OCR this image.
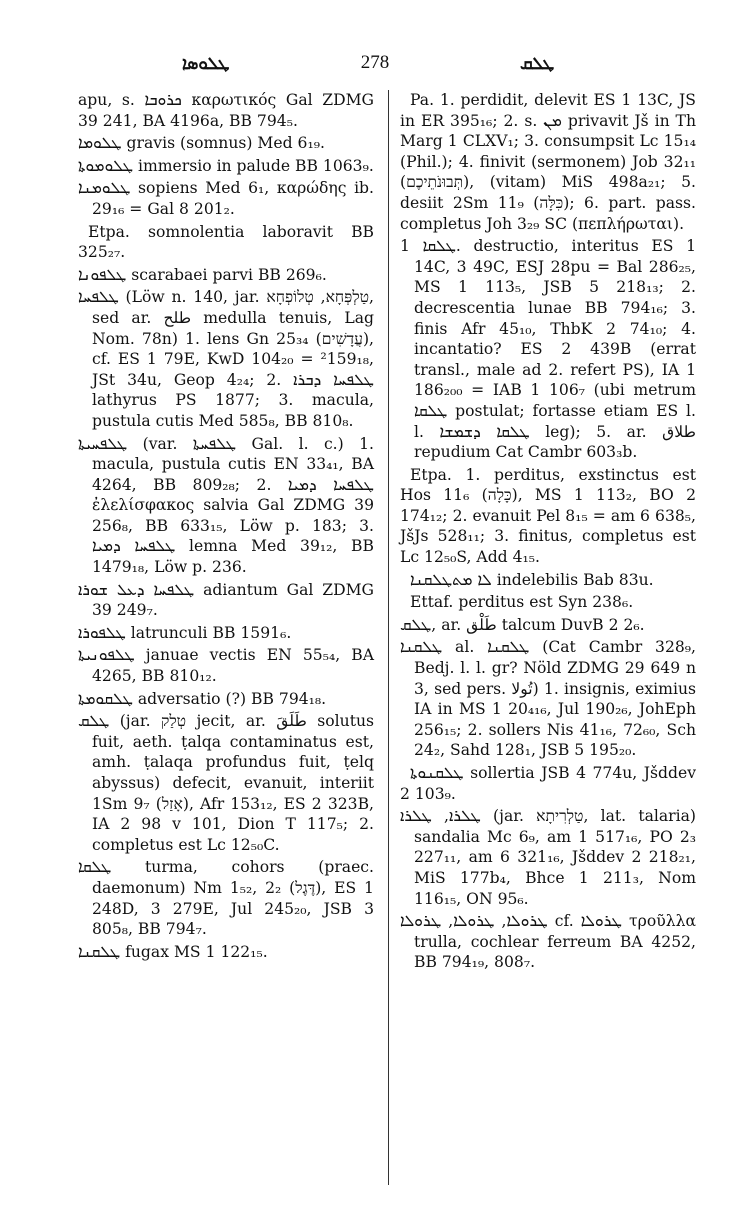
ܛܠܘܣܐ	278	ܛܠܩ
apu, s. ܟܪܘܒܐ καρωτικός Gal ZDMG 39 241, BA 4196a, BB 794₅.
ܛܠܘܡܐ gravis (somnus) Med 6₁₉.
ܛܠܘܡܘܬܐ immersio in palude BB 1063₉.
ܛܠܘܡܢܐ sopiens Med 6₁, καρώδης ib. 29₁₆ = Gal 8 201₂.
Etpa. somnolentia laboravit BB 325₂₇.
ܛܠܦܘܢܐ scarabaei parvi BB 269₆.
ܛܠܦܚܐ (Löw n. 140, jar. טַלְפְּחָא, טְלוֹפְחָא, sed ar. طلح medulla tenuis, Lag Nom. 78n) 1. lens Gn 25₃₄ (עֲדָשִׁים), cf. ES 1 79E, KwD 104₂₀ = ²159₁₈, JSt 34u, Geop 4₂₄; 2. ܛܠܦܚܐ ܕܒܪܐ lathyrus PS 1877; 3. macula, pustula cutis Med 585₈, BB 810₈.
ܛܠܦܚܝܬܐ (var. ܛܠܦܚܬܐ Gal. l. c.) 1. macula, pustula cutis EN 33₄₁, BA 4264, BB 809₂₈; 2. ܛܠܦܚܐ ܕܡܝܐ ἐλελίσφακος salvia Gal ZDMG 39 256₈, BB 633₁₅, Löw p. 183; 3. ܛܠܦܚܐ ܕܡܝܐ lemna Med 39₁₂, BB 1479₁₈, Löw p. 236.
ܛܠܦܚܐ ܕܥܠ ܫܘܪܐ adiantum Gal ZDMG 39 249₇.
ܛܠܦܘܪܐ latrunculi BB 1591₆.
ܛܠܦܘܢܝܬܐ januae vectis EN 55₅₄, BA 4265, BB 810₁₂.
ܛܠܩܘܡܬܐ adversatio (?) BB 794₁₈.
ܛܠܩ (jar. טְלַק jecit, ar. طَلَقَ solutus fuit, aeth. ṭalqa contaminatus est, amh. ṭalaqa profundus fuit, ṭelq abyssus) defecit, evanuit, interiit 1Sm 9₇ (אָזַל), Afr 153₁₂, ES 2 323B, IA 2 98 v 101, Dion T 117₅; 2. completus est Lc 12₅₀C.
ܛܠܩܐ turma, cohors (praec. daemonum) Nm 1₅₂, 2₂ (דֶּגֶל), ES 1 248D, 3 279E, Jul 245₂₀, JSB 3 805₈, BB 794₇.
ܛܠܩܢܐ fugax MS 1 122₁₅.
Pa. 1. perdidit, delevit ES 1 13C, JS in ER 395₁₆; 2. s. ܡܢ privavit Jš in Th Marg 1 CLXV₁; 3. consumpsit Lc 15₁₄ (Phil.); 4. finivit (sermonem) Job 32₁₁ (תְּבוּנֹתֵיכֶם), (vitam) MiS 498a₂₁; 5. desiit 2Sm 11₉ (כִּלָּה); 6. part. pass. completus Joh 3₂₉ SC (πεπλήρωται).
ܛܠܩܐ 1. destructio, interitus ES 1 14C, 3 49C, ESJ 28pu = Bal 286₂₅, MS 1 113₅, JSB 5 218₁₃; 2. decrescentia lunae BB 794₁₆; 3. finis Afr 45₁₀, ThbK 2 74₁₀; 4. incantatio? ES 2 439B (errat transl., male ad 2. refert PS), IA 1 186₂₀₀ = IAB 1 106₇ (ubi metrum ܛܠܩܐ postulat; fortasse etiam ES l. l. ܛܠܩܐ ܕܫܡܫܐ leg); 5. ar. طلاق repudium Cat Cambr 603₃b.
Etpa. 1. perditus, exstinctus est Hos 11₆ (כָּלָה), MS 1 113₂, BO 2 174₁₂; 2. evanuit Pel 8₁₅ = am 6 638₅, JšJs 528₁₁; 3. finitus, completus est Lc 12₅₀S, Add 4₁₅.
ܠܐ ܡܬܛܠܩܢܐ indelebilis Bab 83u.
Ettaf. perditus est Syn 238₆.
ܛܠܩ, ar. طَلْق talcum DuvB 2 2₆.
ܛܠܩܢܐ al. ܛܠܩܢܐ (Cat Cambr 328₉, Bedj. l. l. gr? Nöld ZDMG 29 649 n 3, sed pers. تُولا) 1. insignis, eximius IA in MS 1 20₄₁₆, Jul 190₂₆, JohEph 256₁₅; 2. sollers Nis 41₁₆, 72₆₀, Sch 24₂, Sahd 128₁, JSB 5 195₂₀.
ܛܠܩܢܘܬܐ sollertia JSB 4 774u, Jšddev 2 103₉.
ܛܠܪܐ, ܛܠܪܐ (jar. טַלְרִיתָא, lat. talaria) sandalia Mc 6₉, am 1 517₁₆, PO 2₃ 227₁₁, am 6 321₁₆, Jšddev 2 218₂₁, MiS 177b₄, Bhce 1 211₃, Nom 116₁₅, ON 95₆.
ܛܪܘܠܐ, ܛܪܘܠܐ, ܛܪܘܠܐ cf. ܛܪܘܠܐ τροῦλλα trulla, cochlear ferreum BA 4252, BB 794₁₉, 808₇.
